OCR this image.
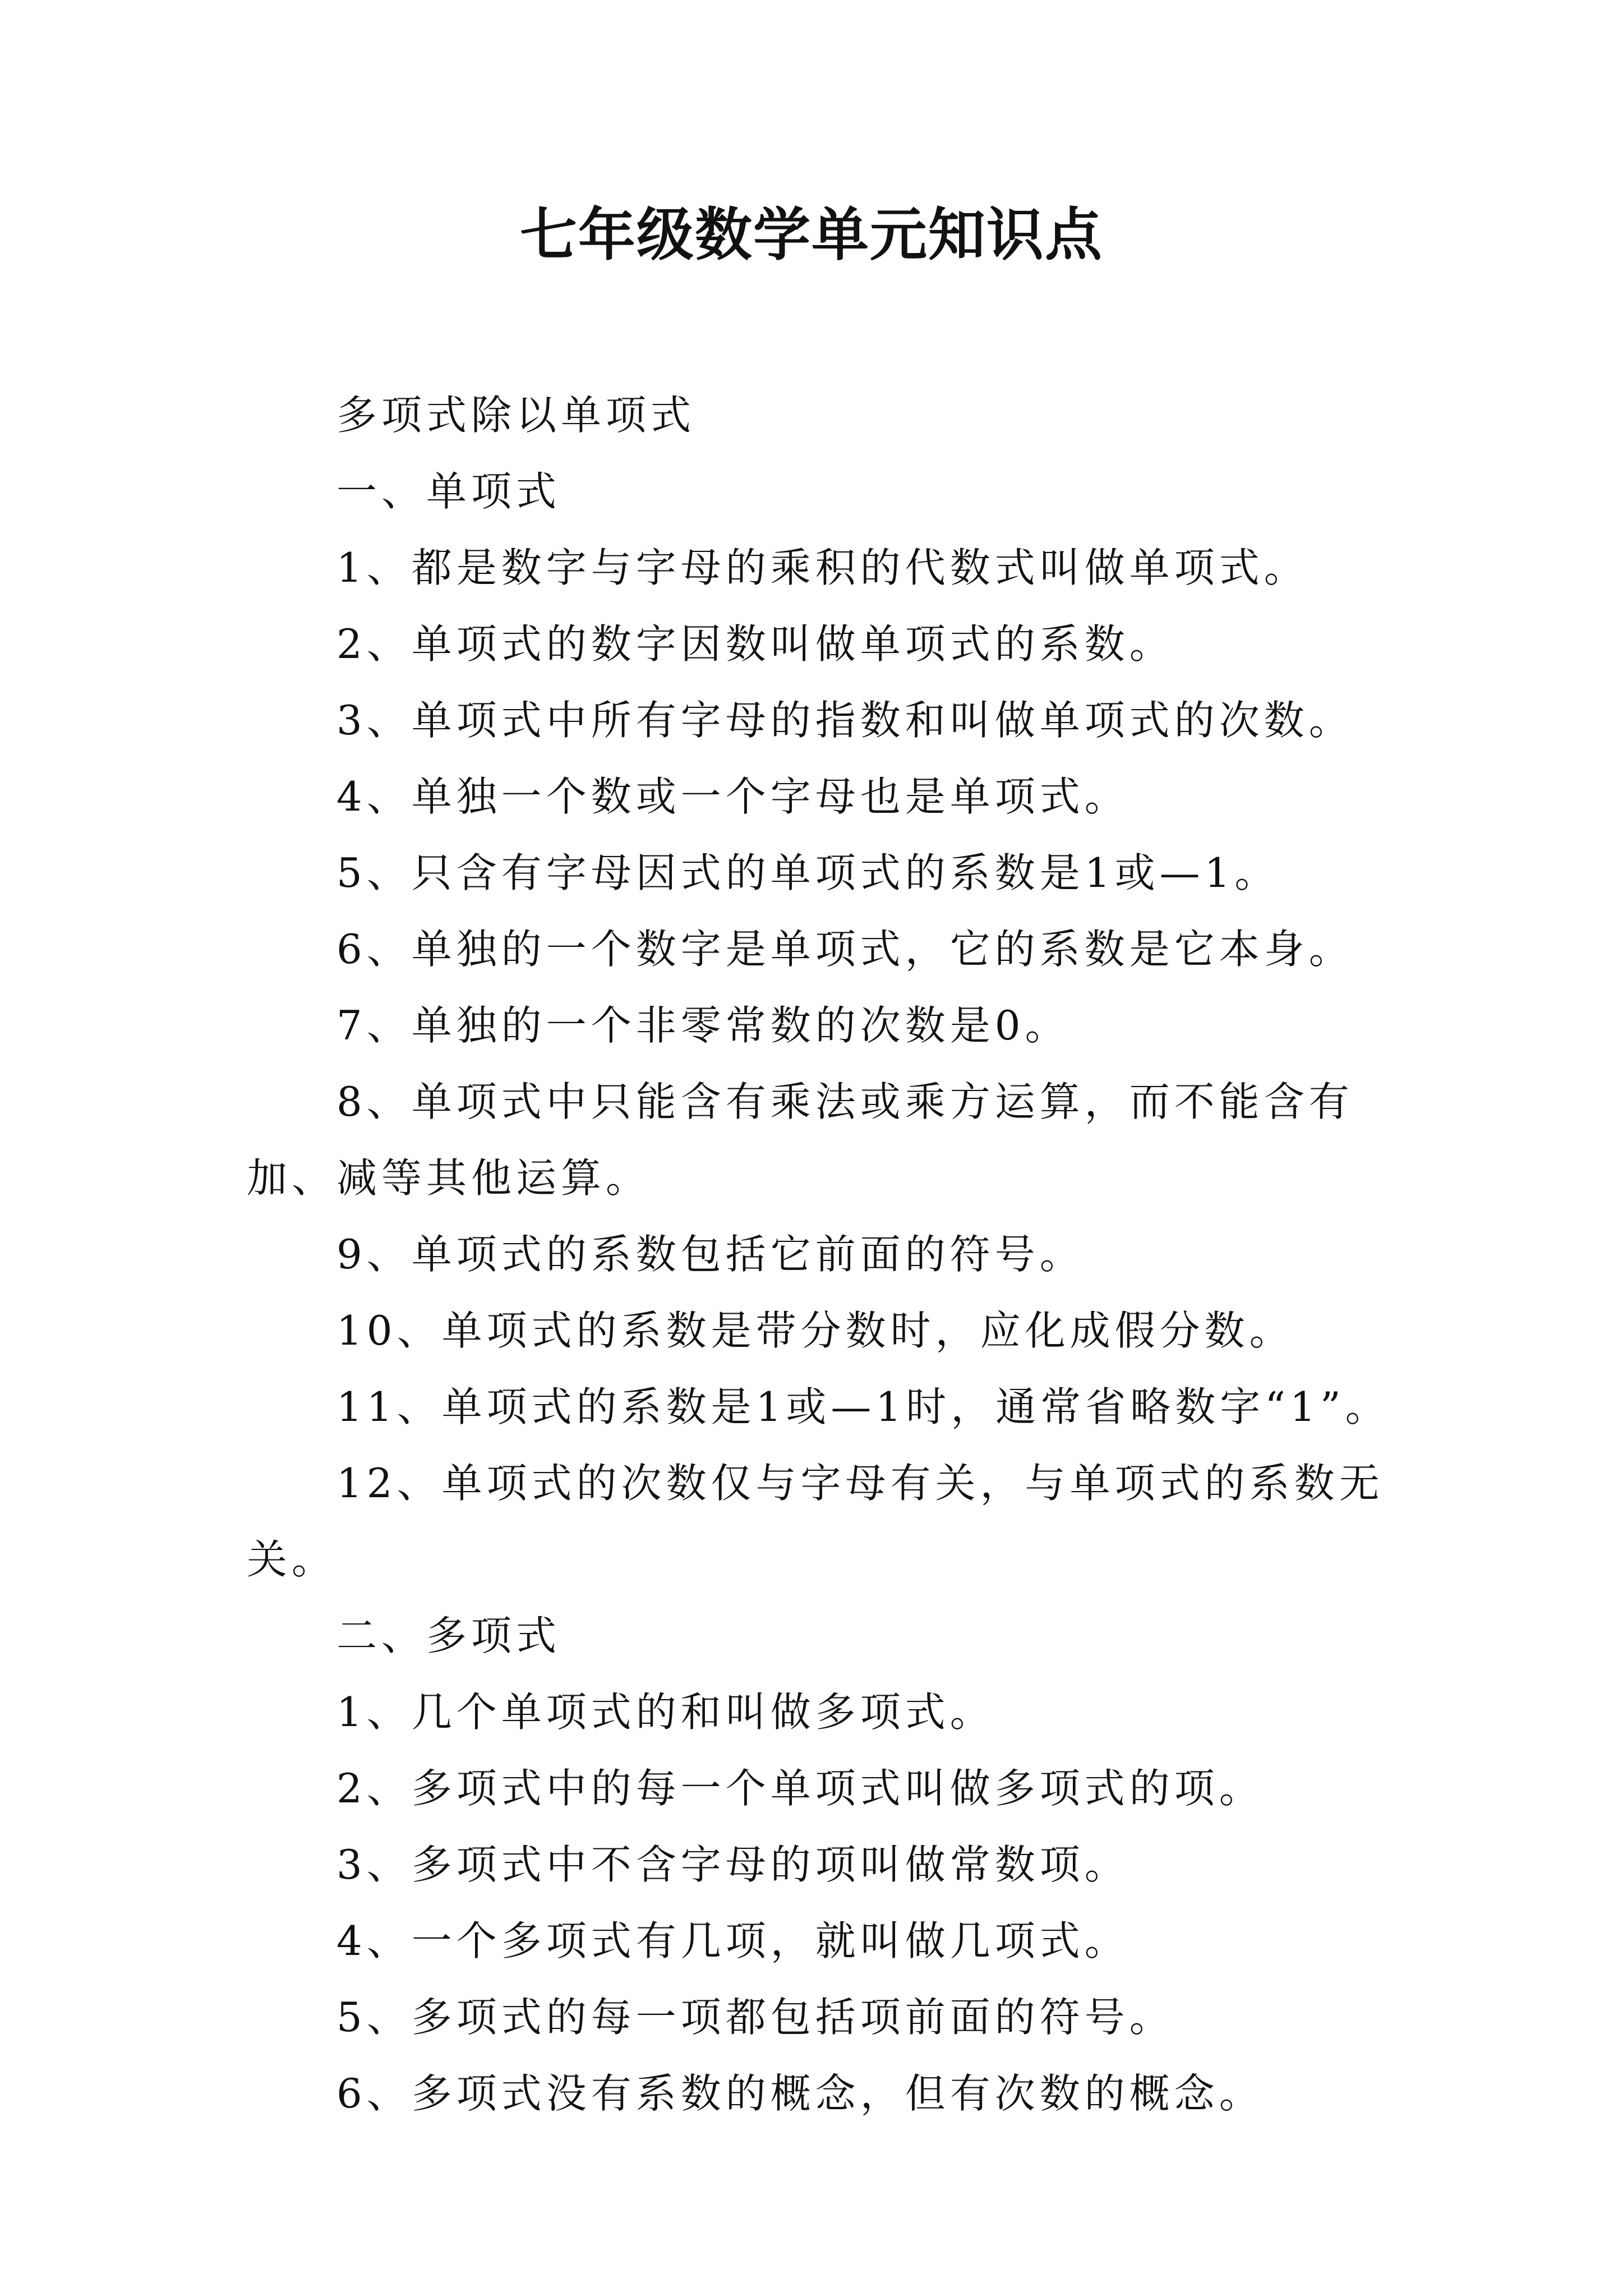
七年级数学单元知识点

多项式除以单项式

一、单项式

1、都是数字与字母的乘积的代数式叫做单项式。

2、单项式的数字因数叫做单项式的系数。

3、单项式中所有字母的指数和叫做单项式的次数。

4、单独一个数或一个字母也是单项式。

5、只含有字母因式的单项式的系数是1或—1。

6、单独的一个数字是单项式，它的系数是它本身。

7、单独的一个非零常数的次数是0。

8、单项式中只能含有乘法或乘方运算，而不能含有加、减等其他运算。

9、单项式的系数包括它前面的符号。

10、单项式的系数是带分数时，应化成假分数。

11、单项式的系数是1或—1时，通常省略数字“1”。

12、单项式的次数仅与字母有关，与单项式的系数无关。

二、多项式

1、几个单项式的和叫做多项式。

2、多项式中的每一个单项式叫做多项式的项。

3、多项式中不含字母的项叫做常数项。

4、一个多项式有几项，就叫做几项式。

5、多项式的每一项都包括项前面的符号。

6、多项式没有系数的概念，但有次数的概念。
